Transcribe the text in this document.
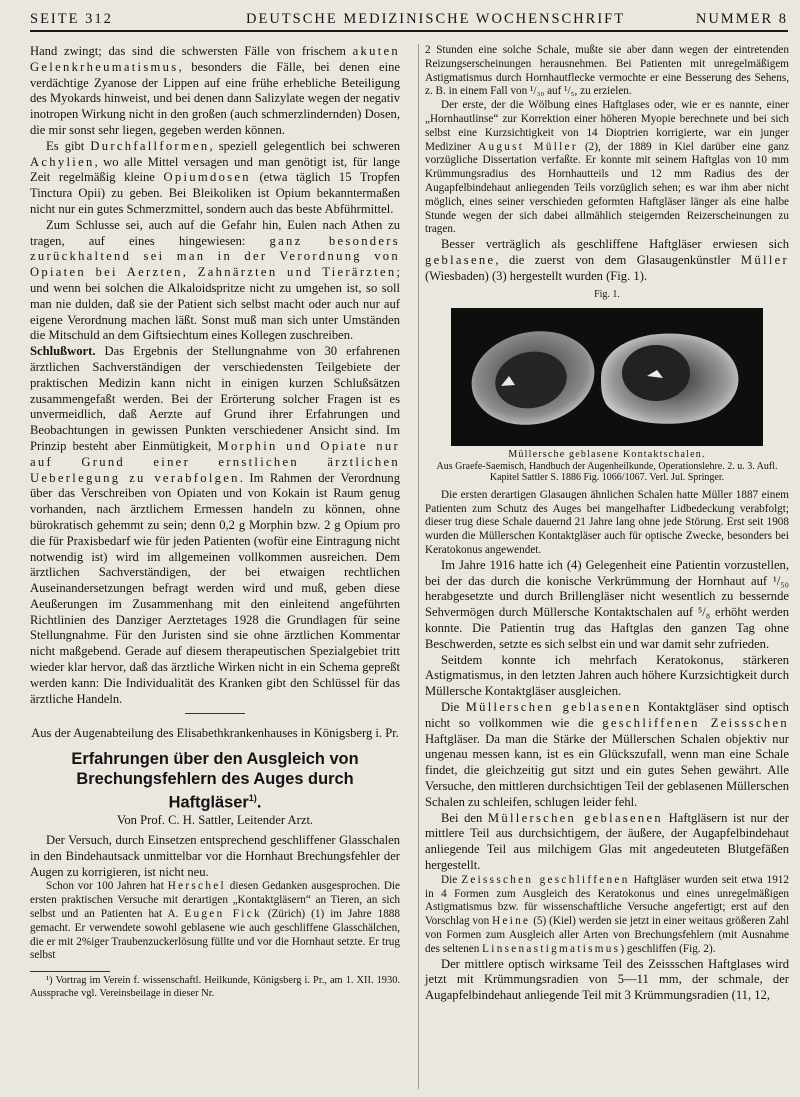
SEITE 312	DEUTSCHE MEDIZINISCHE WOCHENSCHRIFT	NUMMER 8

Hand zwingt; das sind die schwersten Fälle von frischem akuten Gelenkrheumatismus, besonders die Fälle, bei denen eine verdächtige Zyanose der Lippen auf eine frühe erhebliche Beteiligung des Myokards hinweist, und bei denen dann Salizylate wegen der negativ inotropen Wirkung nicht in den großen (auch schmerzlindernden) Dosen, die mir sonst sehr liegen, gegeben werden können.

Es gibt Durchfallformen, speziell gelegentlich bei schweren Achylien, wo alle Mittel versagen und man genötigt ist, für lange Zeit regelmäßig kleine Opiumdosen (etwa täglich 15 Tropfen Tinctura Opii) zu geben. Bei Bleikoliken ist Opium bekanntermaßen nicht nur ein gutes Schmerzmittel, sondern auch das beste Abführmittel.

Zum Schlusse sei, auch auf die Gefahr hin, Eulen nach Athen zu tragen, auf eines hingewiesen: ganz besonders zurückhaltend sei man in der Verordnung von Opiaten bei Aerzten, Zahnärzten und Tierärzten; und wenn bei solchen die Alkaloidspritze nicht zu umgehen ist, so soll man nie dulden, daß sie der Patient sich selbst macht oder auch nur auf eigene Verordnung machen läßt. Sonst muß man sich unter Umständen die Mitschuld an dem Giftsiechtum eines Kollegen zuschreiben.

Schlußwort. Das Ergebnis der Stellungnahme von 30 erfahrenen ärztlichen Sachverständigen der verschiedensten Teilgebiete der praktischen Medizin kann nicht in einigen kurzen Schlußsätzen zusammengefaßt werden. Bei der Erörterung solcher Fragen ist es unvermeidlich, daß Aerzte auf Grund ihrer Erfahrungen und Beobachtungen in gewissen Punkten verschiedener Ansicht sind. Im Prinzip besteht aber Einmütigkeit, Morphin und Opiate nur auf Grund einer ernstlichen ärztlichen Ueberlegung zu verabfolgen. Im Rahmen der Verordnung über das Verschreiben von Opiaten und von Kokain ist Raum genug vorhanden, nach ärztlichem Ermessen handeln zu können, ohne bürokratisch gehemmt zu sein; denn 0,2 g Morphin bzw. 2 g Opium pro die für Praxisbedarf wie für jeden Patienten (wofür eine Eintragung nicht notwendig ist) wird im allgemeinen vollkommen ausreichen. Dem ärztlichen Sachverständigen, der bei etwaigen rechtlichen Auseinandersetzungen befragt werden wird und muß, geben diese Aeußerungen im Zusammenhang mit den einleitend angeführten Richtlinien des Danziger Aerztetages 1928 die Grundlagen für seine Stellungnahme. Für den Juristen sind sie ohne ärztlichen Kommentar nicht maßgebend. Gerade auf diesem therapeutischen Spezialgebiet tritt wieder klar hervor, daß das ärztliche Wirken nicht in ein Schema gepreßt werden kann: Die Individualität des Kranken gibt den Schlüssel für das ärztliche Handeln.

Aus der Augenabteilung des Elisabethkrankenhauses in Königsberg i. Pr.

Erfahrungen über den Ausgleich von Brechungsfehlern des Auges durch Haftgläser$^{1)}$.

Von Prof. C. H. Sattler, Leitender Arzt.

Der Versuch, durch Einsetzen entsprechend geschliffener Glasschalen in den Bindehautsack unmittelbar vor die Hornhaut Brechungsfehler der Augen zu korrigieren, ist nicht neu.

Schon vor 100 Jahren hat Herschel diesen Gedanken ausgesprochen. Die ersten praktischen Versuche mit derartigen „Kontaktgläsern“ an Tieren, an sich selbst und an Patienten hat A. Eugen Fick (Zürich) (1) im Jahre 1888 gemacht. Er verwendete sowohl geblasene wie auch geschliffene Glasschälchen, die er mit 2%iger Traubenzuckerlösung füllte und vor die Hornhaut setzte. Er trug selbst

¹) Vortrag im Verein f. wissenschaftl. Heilkunde, Königsberg i. Pr., am 1. XII. 1930. Aussprache vgl. Vereinsbeilage in dieser Nr.

2 Stunden eine solche Schale, mußte sie aber dann wegen der eintretenden Reizungserscheinungen herausnehmen. Bei Patienten mit unregelmäßigem Astigmatismus durch Hornhautflecke vermochte er eine Besserung des Sehens, z. B. in einem Fall von ¹/₃₀ auf ¹/₅, zu erzielen.

Der erste, der die Wölbung eines Haftglases oder, wie er es nannte, einer „Hornhautlinse“ zur Korrektion einer höheren Myopie berechnete und bei sich selbst eine Kurzsichtigkeit von 14 Dioptrien korrigierte, war ein junger Mediziner August Müller (2), der 1889 in Kiel darüber eine ganz vorzügliche Dissertation verfaßte. Er konnte mit seinem Haftglas von 10 mm Krümmungsradius des Hornhautteils und 12 mm Radius des der Augapfelbindehaut anliegenden Teils vorzüglich sehen; es war ihm aber nicht möglich, eines seiner verschieden geformten Haftgläser länger als eine halbe Stunde wegen der sich dabei allmählich steigernden Reizerscheinungen zu tragen.

Besser verträglich als geschliffene Haftgläser erwiesen sich geblasene, die zuerst von dem Glasaugenkünstler Müller (Wiesbaden) (3) hergestellt wurden (Fig. 1).

Fig. 1.

Müllersche geblasene Kontaktschalen.
Aus Graefe-Saemisch, Handbuch der Augenheilkunde, Operationslehre. 2. u. 3. Aufl. Kapitel Sattler S. 1886 Fig. 1066/1067. Verl. Jul. Springer.

Die ersten derartigen Glasaugen ähnlichen Schalen hatte Müller 1887 einem Patienten zum Schutz des Auges bei mangelhafter Lidbedeckung verabfolgt; dieser trug diese Schale dauernd 21 Jahre lang ohne jede Störung. Erst seit 1908 wurden die Müllerschen Kontaktgläser auch für optische Zwecke, besonders bei Keratokonus angewendet.

Im Jahre 1916 hatte ich (4) Gelegenheit eine Patientin vorzustellen, bei der das durch die konische Verkrümmung der Hornhaut auf ¹/₅₀ herabgesetzte und durch Brillengläser nicht wesentlich zu bessernde Sehvermögen durch Müllersche Kontaktschalen auf ⁵/₈ erhöht werden konnte. Die Patientin trug das Haftglas den ganzen Tag ohne Beschwerden, setzte es sich selbst ein und war damit sehr zufrieden.

Seitdem konnte ich mehrfach Keratokonus, stärkeren Astigmatismus, in den letzten Jahren auch höhere Kurzsichtigkeit durch Müllersche Kontaktgläser ausgleichen.

Die Müllerschen geblasenen Kontaktgläser sind optisch nicht so vollkommen wie die geschliffenen Zeissschen Haftgläser. Da man die Stärke der Müllerschen Schalen objektiv nur ungenau messen kann, ist es ein Glückszufall, wenn man eine Schale findet, die gleichzeitig gut sitzt und ein gutes Sehen gewährt. Alle Versuche, den mittleren durchsichtigen Teil der geblasenen Müllerschen Schalen zu schleifen, schlugen leider fehl.

Bei den Müllerschen geblasenen Haftgläsern ist nur der mittlere Teil aus durchsichtigem, der äußere, der Augapfelbindehaut anliegende Teil aus milchigem Glas mit angedeuteten Blutgefäßen hergestellt.

Die Zeissschen geschliffenen Haftgläser wurden seit etwa 1912 in 4 Formen zum Ausgleich des Keratokonus und eines unregelmäßigen Astigmatismus bzw. für wissenschaftliche Versuche angefertigt; erst auf den Vorschlag von Heine (5) (Kiel) werden sie jetzt in einer weitaus größeren Zahl von Formen zum Ausgleich aller Arten von Brechungsfehlern (mit Ausnahme des seltenen Linsenastigmatismus) geschliffen (Fig. 2).

Der mittlere optisch wirksame Teil des Zeissschen Haftglases wird jetzt mit Krümmungsradien von 5—11 mm, der schmale, der Augapfelbindehaut anliegende Teil mit 3 Krümmungsradien (11, 12,
